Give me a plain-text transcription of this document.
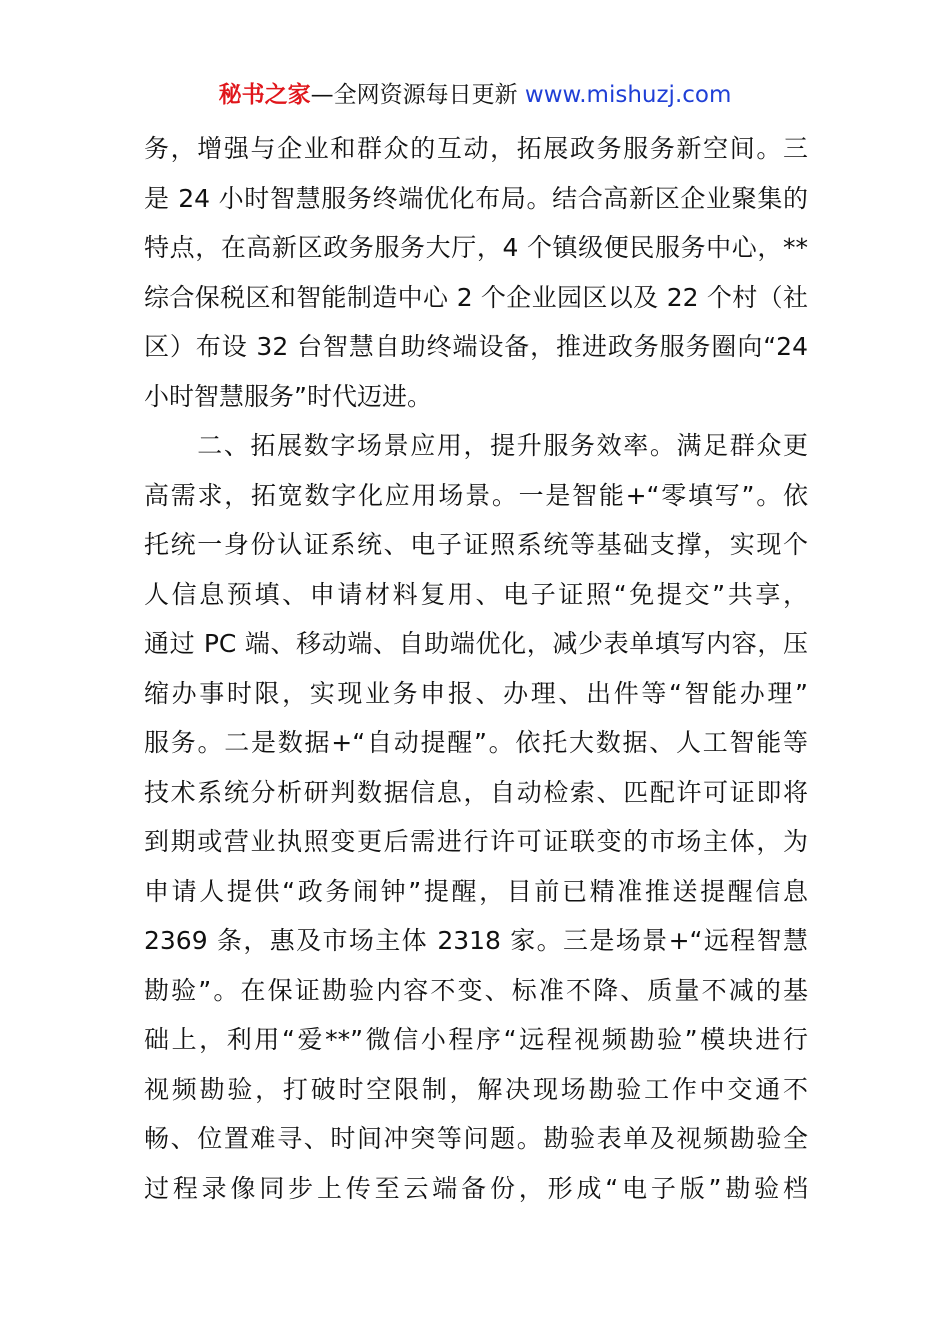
秘书之家—全网资源每日更新 www.mishuzj.com
务，增强与企业和群众的互动，拓展政务服务新空间。三
是 24 小时智慧服务终端优化布局。结合高新区企业聚集的
特点，在高新区政务服务大厅，4 个镇级便民服务中心，**
综合保税区和智能制造中心 2 个企业园区以及 22 个村（社
区）布设 32 台智慧自助终端设备，推进政务服务圈向“24
小时智慧服务”时代迈进。
　　二、拓展数字场景应用，提升服务效率。满足群众更
高需求，拓宽数字化应用场景。一是智能+“零填写”。依
托统一身份认证系统、电子证照系统等基础支撑，实现个
人信息预填、申请材料复用、电子证照“免提交”共享，
通过 PC 端、移动端、自助端优化，减少表单填写内容，压
缩办事时限，实现业务申报、办理、出件等“智能办理”
服务。二是数据+“自动提醒”。依托大数据、人工智能等
技术系统分析研判数据信息，自动检索、匹配许可证即将
到期或营业执照变更后需进行许可证联变的市场主体，为
申请人提供“政务闹钟”提醒，目前已精准推送提醒信息
2369 条，惠及市场主体 2318 家。三是场景+“远程智慧
勘验”。在保证勘验内容不变、标准不降、质量不减的基
础上，利用“爱**”微信小程序“远程视频勘验”模块进行
视频勘验，打破时空限制，解决现场勘验工作中交通不
畅、位置难寻、时间冲突等问题。勘验表单及视频勘验全
过程录像同步上传至云端备份，形成“电子版”勘验档
